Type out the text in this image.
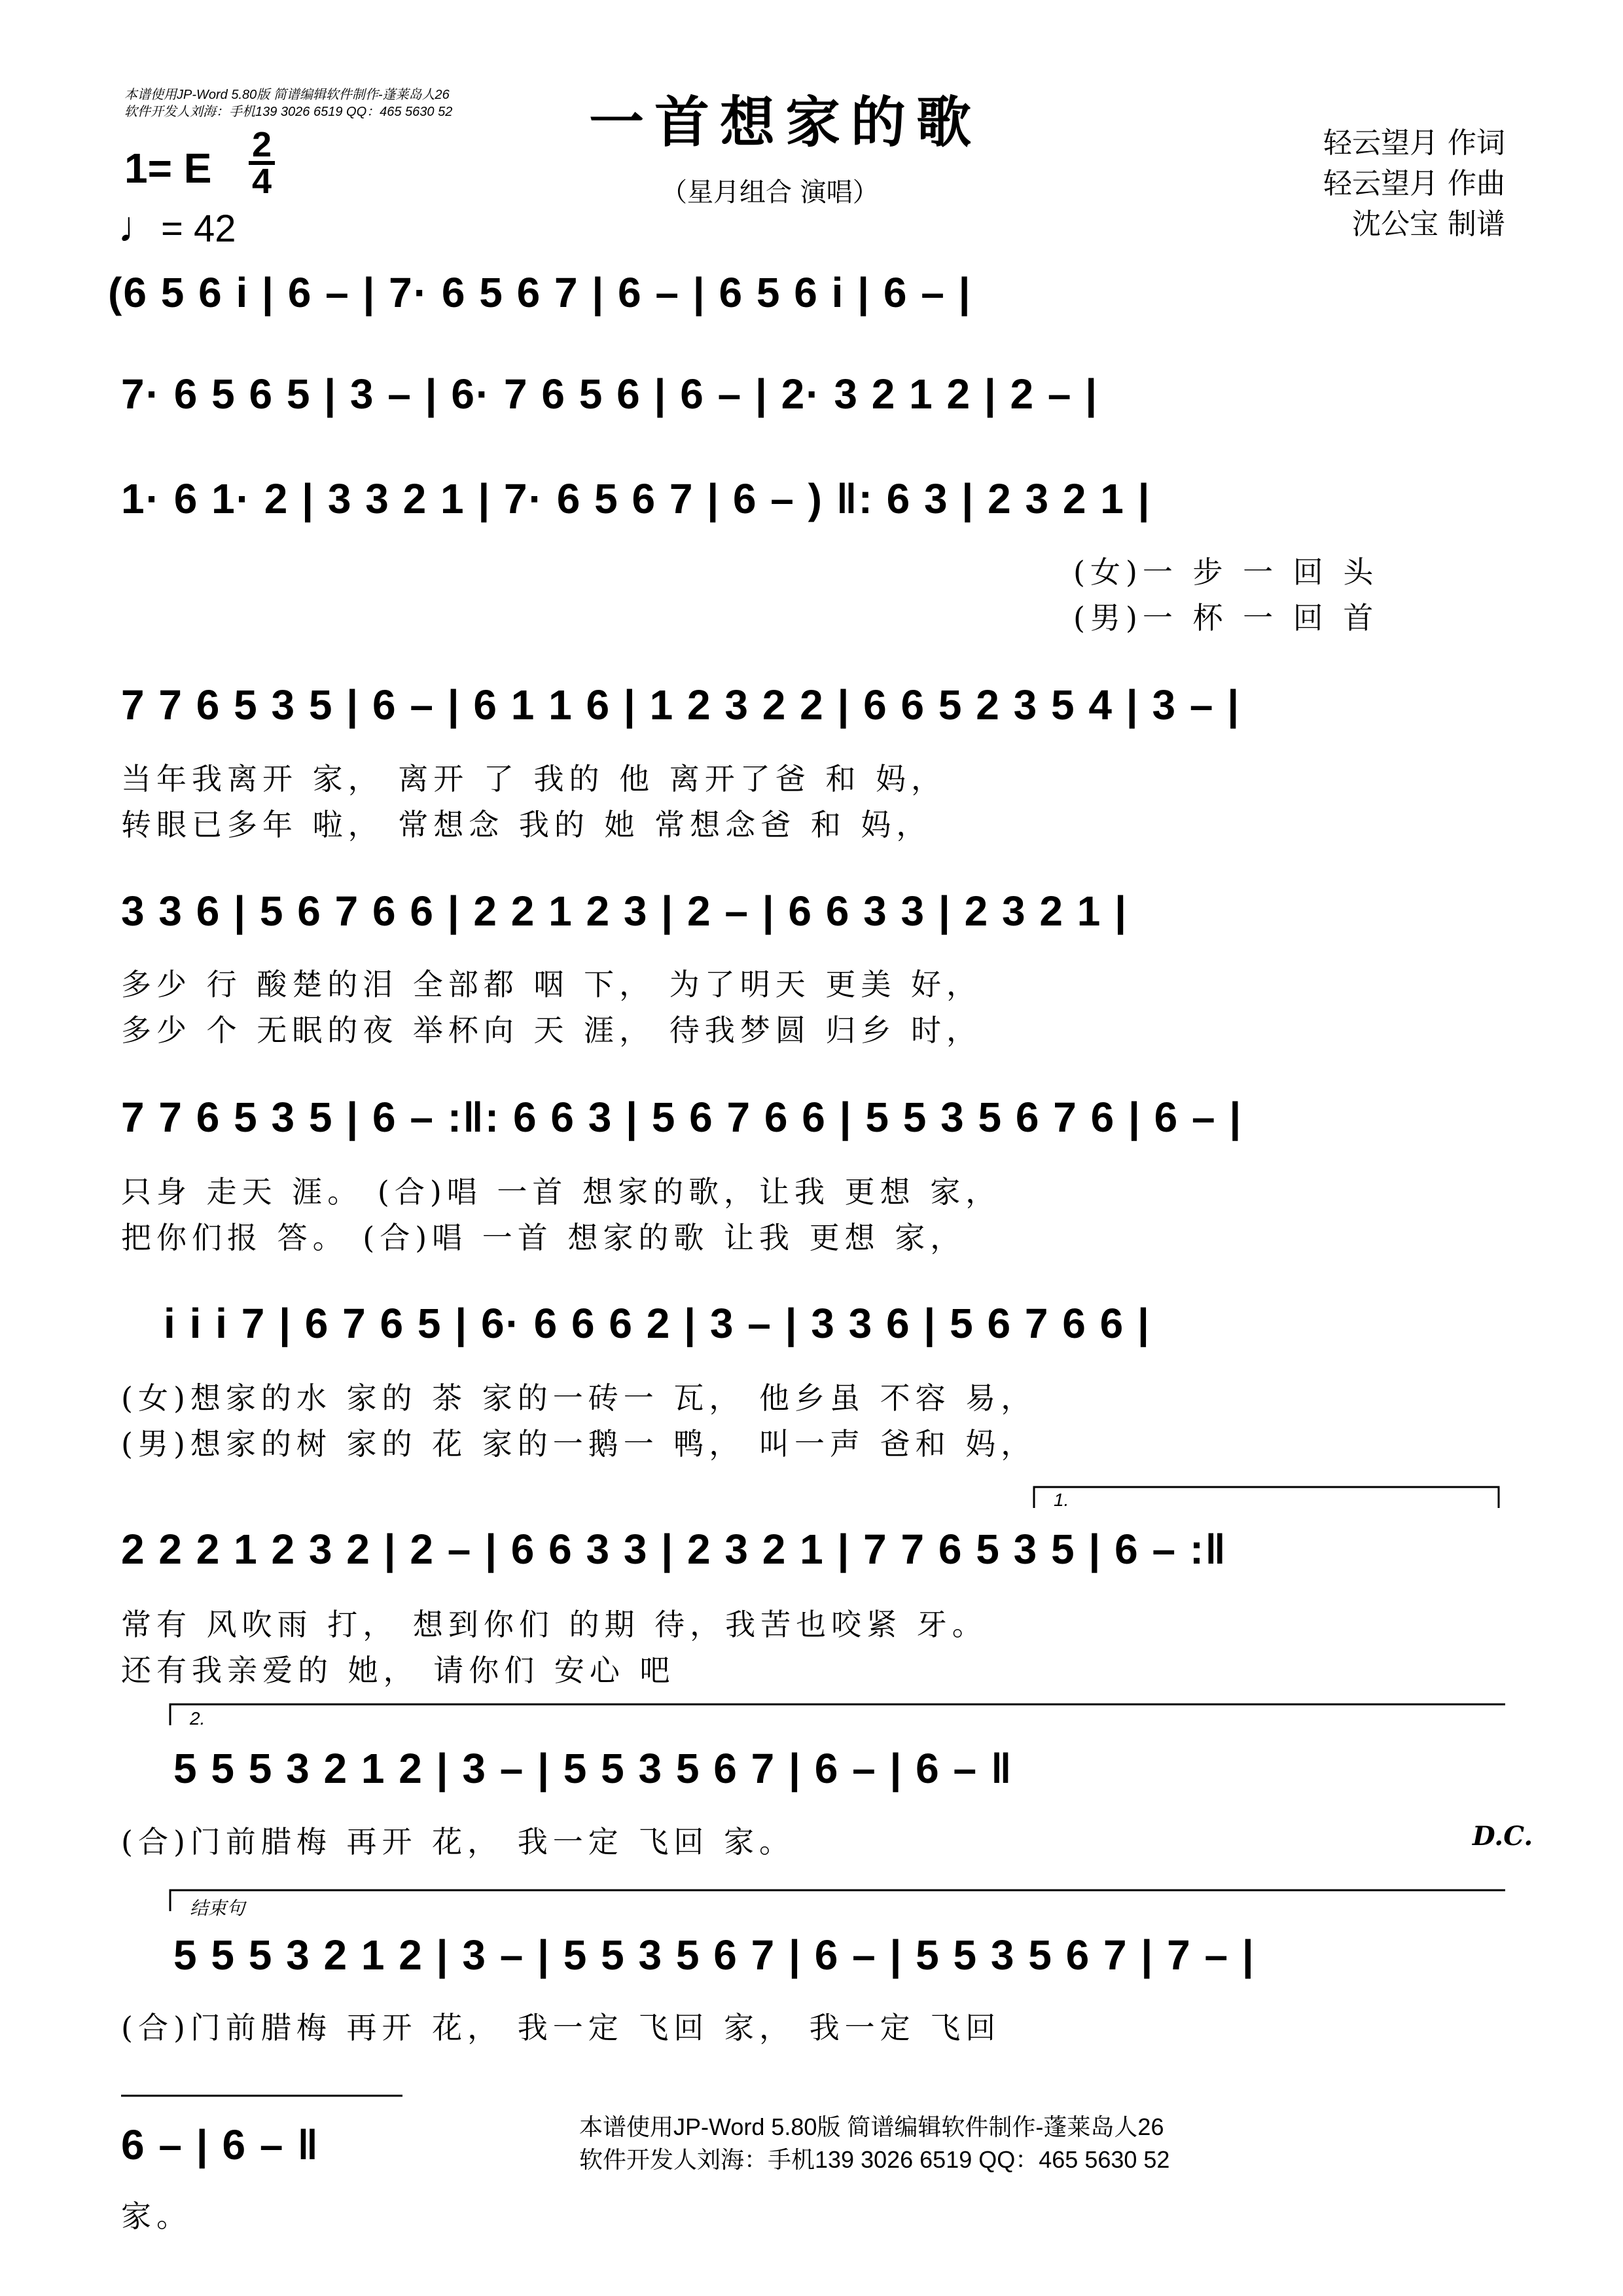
本谱使用JP-Word 5.80版 简谱编辑软件制作-蓬莱岛人26
软件开发人刘海：手机139 3026 6519 QQ：465 5630 52 一首想家的歌
（星月组合 演唱）
1= E 2
4
♩= 42
轻云望月 作词
轻云望月 作曲
沈公宝 制谱
(6 5 6 i | 6 – | 7· 6 5 6 7 | 6 – | 6 5 6 i | 6 – |
7· 6 5 6 5 | 3 – | 6· 7 6 5 6 | 6 – | 2· 3 2 1 2 | 2 – |
1· 6 1· 2 | 3 3 2 1 | 7· 6 5 6 7 | 6 – ) ‖: 6 3 | 2 3 2 1 |
(女)一 步 一 回 头
(男)一 杯 一 回 首
7 7 6 5 3 5 | 6 – | 6 1 1 6 | 1 2 3 2 2 | 6 6 5 2 3 5 4 | 3 – |
当年我离开 家， 离开 了 我的 他 离开了爸 和 妈，
转眼已多年 啦， 常想念 我的 她 常想念爸 和 妈，
3 3 6 | 5 6 7 6 6 | 2 2 1 2 3 | 2 – | 6 6 3 3 | 2 3 2 1 |
多少 行 酸楚的泪 全部都 咽 下， 为了明天 更美 好，
多少 个 无眠的夜 举杯向 天 涯， 待我梦圆 归乡 时，
7 7 6 5 3 5 | 6 – :‖: 6 6 3 | 5 6 7 6 6 | 5 5 3 5 6 7 6 | 6 – |
只身 走天 涯。 (合)唱 一首 想家的歌，让我 更想 家，
把你们报 答。 (合)唱 一首 想家的歌 让我 更想 家，
i i i 7 | 6 7 6 5 | 6· 6 6 6 2 | 3 – | 3 3 6 | 5 6 7 6 6 |
(女)想家的水 家的 茶 家的一砖一 瓦， 他乡虽 不容 易，
(男)想家的树 家的 花 家的一鹅一 鸭， 叫一声 爸和 妈，
1.
2 2 2 1 2 3 2 | 2 – | 6 6 3 3 | 2 3 2 1 | 7 7 6 5 3 5 | 6 – :‖
常有 风吹雨 打， 想到你们 的期 待，我苦也咬紧 牙。
还有我亲爱的 她， 请你们 安心 吧
2.
5 5 5 3 2 1 2 | 3 – | 5 5 3 5 6 7 | 6 – | 6 – ‖
(合)门前腊梅 再开 花， 我一定 飞回 家。	D.C.
结束句
5 5 5 3 2 1 2 | 3 – | 5 5 3 5 6 7 | 6 – | 5 5 3 5 6 7 | 7 – |
(合)门前腊梅 再开 花， 我一定 飞回 家， 我一定 飞回
6 – | 6 – ‖
家。
本谱使用JP-Word 5.80版 简谱编辑软件制作-蓬莱岛人26
软件开发人刘海：手机139 3026 6519 QQ：465 5630 52
